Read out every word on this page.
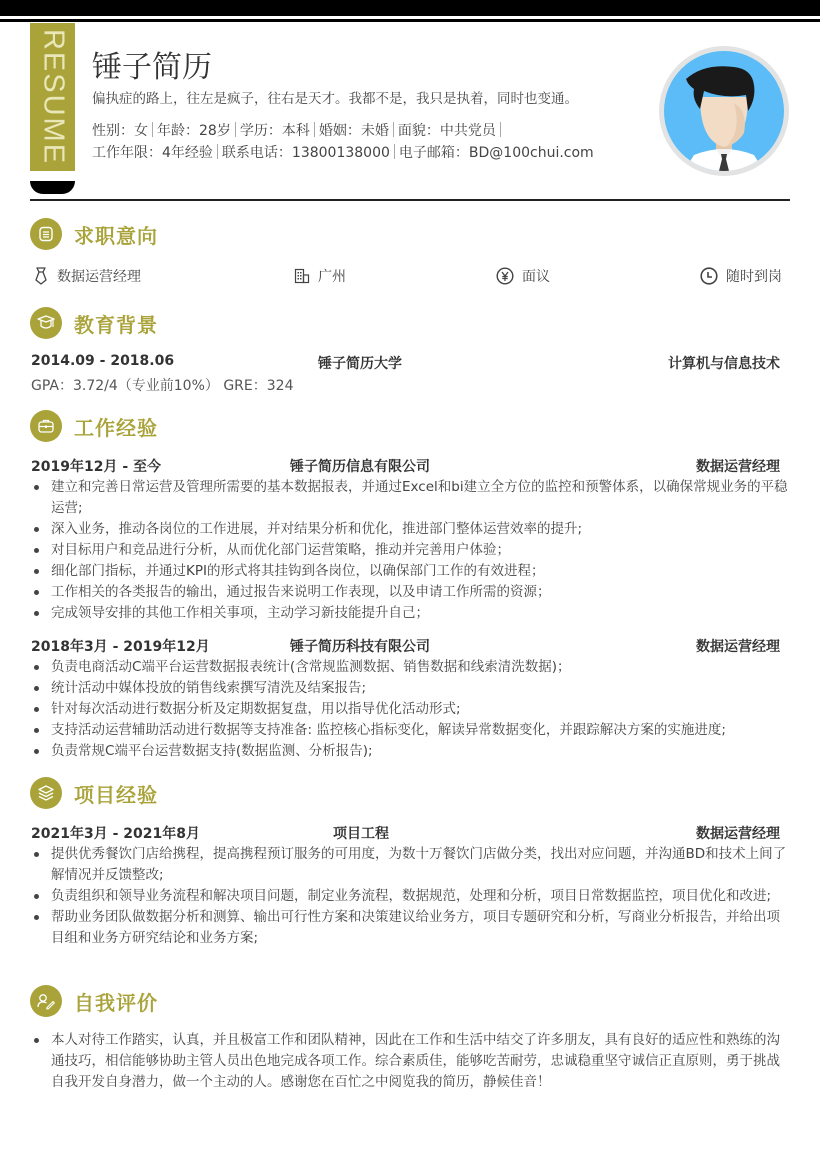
RESUME 锤子简历
偏执症的路上，往左是疯子，往右是天才。我都不是，我只是执着，同时也变通。
性别：女 年龄：28岁 学历：本科 婚姻：未婚 面貌：中共党员
工作年限：4年经验 联系电话：13800138000 电子邮箱：BD@100chui.com
求职意向
数据运营经理	广州	面议	随时到岗
教育背景
2014.09 - 2018.06	锤子简历大学	计算机与信息技术
GPA：3.72/4（专业前10%） GRE：324
工作经验
2019年12月 - 至今	锤子简历信息有限公司	数据运营经理
建立和完善日常运营及管理所需要的基本数据报表，并通过Excel和bi建立全方位的监控和预警体系，以确保常规业务的平稳运营;
深入业务，推动各岗位的工作进展，并对结果分析和优化，推进部门整体运营效率的提升;
对目标用户和竞品进行分析，从而优化部门运营策略，推动并完善用户体验；
细化部门指标，并通过KPI的形式将其挂钩到各岗位，以确保部门工作的有效进程；
工作相关的各类报告的输出，通过报告来说明工作表现，以及申请工作所需的资源；
完成领导安排的其他工作相关事项，主动学习新技能提升自己；
2018年3月 - 2019年12月	锤子简历科技有限公司	数据运营经理
负责电商活动C端平台运营数据报表统计(含常规监测数据、销售数据和线索清洗数据)；
统计活动中媒体投放的销售线索撰写清洗及结案报告;
针对每次活动进行数据分析及定期数据复盘，用以指导优化活动形式;
支持活动运营辅助活动进行数据等支持准备: 监控核心指标变化，解读异常数据变化，并跟踪解决方案的实施进度;
负责常规C端平台运营数据支持(数据监测、分析报告);
项目经验
2021年3月 - 2021年8月	项目工程	数据运营经理
提供优秀餐饮门店给携程，提高携程预订服务的可用度，为数十万餐饮门店做分类，找出对应问题，并沟通BD和技术上间了解情况并反馈整改;
负责组织和领导业务流程和解决项目问题，制定业务流程，数据规范，处理和分析，项目日常数据监控，项目优化和改进;
帮助业务团队做数据分析和测算、输出可行性方案和决策建议给业务方，项目专题研究和分析，写商业分析报告，并给出项目组和业务方研究结论和业务方案;
自我评价
本人对待工作踏实，认真，并且极富工作和团队精神，因此在工作和生活中结交了许多朋友，具有良好的适应性和熟练的沟通技巧，相信能够协助主管人员出色地完成各项工作。综合素质佳，能够吃苦耐劳，忠诚稳重坚守诚信正直原则，勇于挑战自我开发自身潜力，做一个主动的人。感谢您在百忙之中阅览我的简历，静候佳音！
